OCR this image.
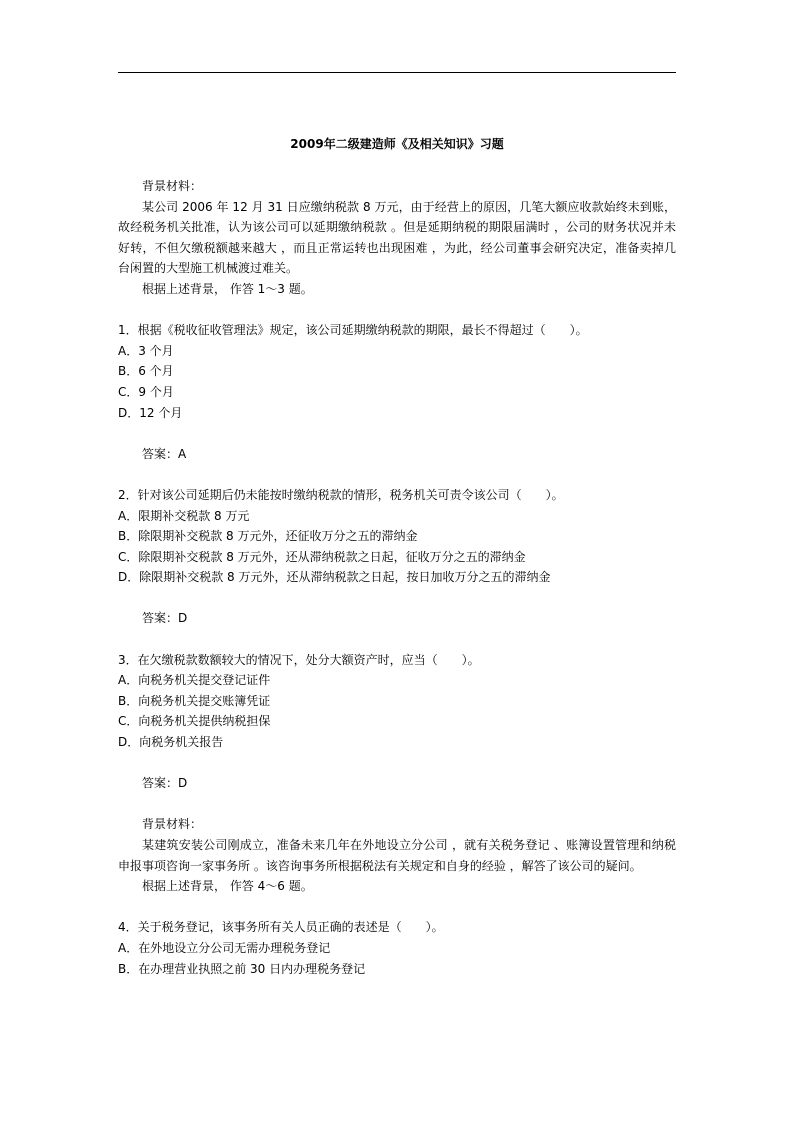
2009年二级建造师《及相关知识》习题

背景材料：

某公司 2006 年 12 月 31 日应缴纳税款 8 万元，由于经营上的原因，几笔大额应收款始终未到账，故经税务机关批准，认为该公司可以延期缴纳税款 。但是延期纳税的期限届满时 ，公司的财务状况并未好转，不但欠缴税额越来越大 ，而且正常运转也出现困难 ，为此，经公司董事会研究决定，准备卖掉几台闲置的大型施工机械渡过难关。

根据上述背景， 作答 1～3 题。

1．根据《税收征收管理法》规定，该公司延期缴纳税款的期限，最长不得超过（　　）。

A．3 个月

B．6 个月

C．9 个月

D．12 个月

答案：A

2．针对该公司延期后仍未能按时缴纳税款的情形，税务机关可责令该公司（　　）。

A．限期补交税款 8 万元

B．除限期补交税款 8 万元外，还征收万分之五的滞纳金

C．除限期补交税款 8 万元外，还从滞纳税款之日起，征收万分之五的滞纳金

D．除限期补交税款 8 万元外，还从滞纳税款之日起，按日加收万分之五的滞纳金

答案：D

3．在欠缴税款数额较大的情况下，处分大额资产时，应当（　　）。

A．向税务机关提交登记证件

B．向税务机关提交账簿凭证

C．向税务机关提供纳税担保

D．向税务机关报告

答案：D

背景材料：

某建筑安装公司刚成立，准备未来几年在外地设立分公司 ，就有关税务登记 、账簿设置管理和纳税申报事项咨询一家事务所 。该咨询事务所根据税法有关规定和自身的经验 ，解答了该公司的疑问。

根据上述背景， 作答 4～6 题。

4．关于税务登记，该事务所有关人员正确的表述是（　　）。

A．在外地设立分公司无需办理税务登记

B．在办理营业执照之前 30 日内办理税务登记
